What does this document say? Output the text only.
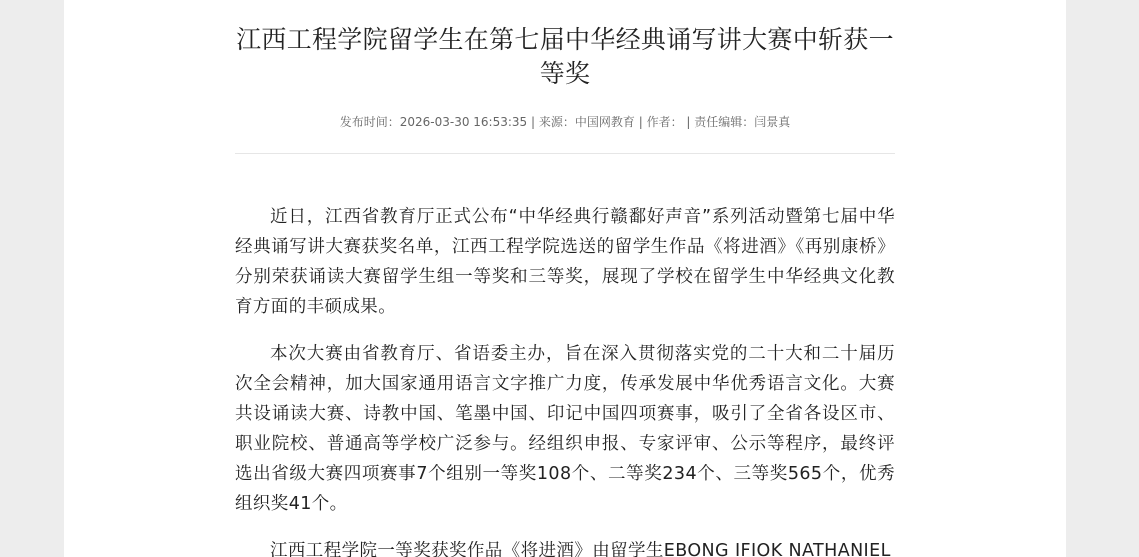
江西工程学院留学生在第七届中华经典诵写讲大赛中斩获一等奖
发布时间：2026-03-30 16:53:35 | 来源：中国网教育 | 作者： | 责任编辑：闫景真

近日，江西省教育厅正式公布“中华经典行赣鄱好声音”系列活动暨第七届中华经典诵写讲大赛获奖名单，江西工程学院选送的留学生作品《将进酒》《再别康桥》分别荣获诵读大赛留学生组一等奖和三等奖，展现了学校在留学生中华经典文化教育方面的丰硕成果。

本次大赛由省教育厅、省语委主办，旨在深入贯彻落实党的二十大和二十届历次全会精神，加大国家通用语言文字推广力度，传承发展中华优秀语言文化。大赛共设诵读大赛、诗教中国、笔墨中国、印记中国四项赛事，吸引了全省各设区市、职业院校、普通高等学校广泛参与。经组织申报、专家评审、公示等程序，最终评选出省级大赛四项赛事7个组别一等奖108个、二等奖234个、三等奖565个，优秀组织奖41个。

江西工程学院一等奖获奖作品《将进酒》由留学生EBONG IFIOK NATHANIEL
